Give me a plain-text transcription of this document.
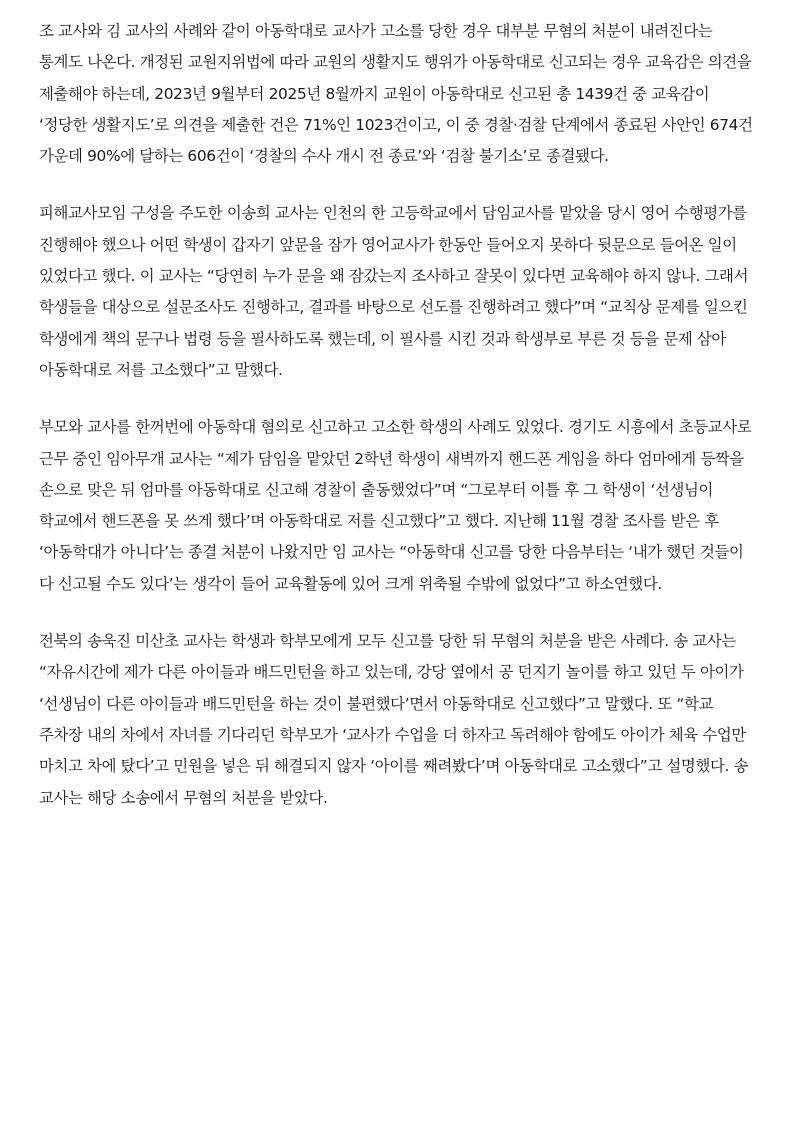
조 교사와 김 교사의 사례와 같이 아동학대로 교사가 고소를 당한 경우 대부분 무혐의 처분이 내려진다는 통계도 나온다. 개정된 교원지위법에 따라 교원의 생활지도 행위가 아동학대로 신고되는 경우 교육감은 의견을 제출해야 하는데, 2023년 9월부터 2025년 8월까지 교원이 아동학대로 신고된 총 1439건 중 교육감이 ‘정당한 생활지도’로 의견을 제출한 건은 71%인 1023건이고, 이 중 경찰·검찰 단계에서 종료된 사안인 674건 가운데 90%에 달하는 606건이 ‘경찰의 수사 개시 전 종료’와 ‘검찰 불기소’로 종결됐다.

피해교사모임 구성을 주도한 이송희 교사는 인천의 한 고등학교에서 담임교사를 맡았을 당시 영어 수행평가를 진행해야 했으나 어떤 학생이 갑자기 앞문을 잠가 영어교사가 한동안 들어오지 못하다 뒷문으로 들어온 일이 있었다고 했다. 이 교사는 “당연히 누가 문을 왜 잠갔는지 조사하고 잘못이 있다면 교육해야 하지 않나. 그래서 학생들을 대상으로 설문조사도 진행하고, 결과를 바탕으로 선도를 진행하려고 했다”며 “교칙상 문제를 일으킨 학생에게 책의 문구나 법령 등을 필사하도록 했는데, 이 필사를 시킨 것과 학생부로 부른 것 등을 문제 삼아 아동학대로 저를 고소했다”고 말했다.

부모와 교사를 한꺼번에 아동학대 혐의로 신고하고 고소한 학생의 사례도 있었다. 경기도 시흥에서 초등교사로 근무 중인 임아무개 교사는 “제가 담임을 맡았던 2학년 학생이 새벽까지 핸드폰 게임을 하다 엄마에게 등짝을 손으로 맞은 뒤 엄마를 아동학대로 신고해 경찰이 출동했었다”며 “그로부터 이틀 후 그 학생이 ‘선생님이 학교에서 핸드폰을 못 쓰게 했다’며 아동학대로 저를 신고했다”고 했다. 지난해 11월 경찰 조사를 받은 후 ‘아동학대가 아니다’는 종결 처분이 나왔지만 임 교사는 “아동학대 신고를 당한 다음부터는 ‘내가 했던 것들이 다 신고될 수도 있다’는 생각이 들어 교육활동에 있어 크게 위축될 수밖에 없었다”고 하소연했다.

전북의 송욱진 미산초 교사는 학생과 학부모에게 모두 신고를 당한 뒤 무혐의 처분을 받은 사례다. 송 교사는 “자유시간에 제가 다른 아이들과 배드민턴을 하고 있는데, 강당 옆에서 공 던지기 놀이를 하고 있던 두 아이가 ‘선생님이 다른 아이들과 배드민턴을 하는 것이 불편했다’면서 아동학대로 신고했다”고 말했다. 또 “학교 주차장 내의 차에서 자녀를 기다리던 학부모가 ‘교사가 수업을 더 하자고 독려해야 함에도 아이가 체육 수업만 마치고 차에 탔다’고 민원을 넣은 뒤 해결되지 않자 ‘아이를 째려봤다’며 아동학대로 고소했다”고 설명했다. 송 교사는 해당 소송에서 무혐의 처분을 받았다.
